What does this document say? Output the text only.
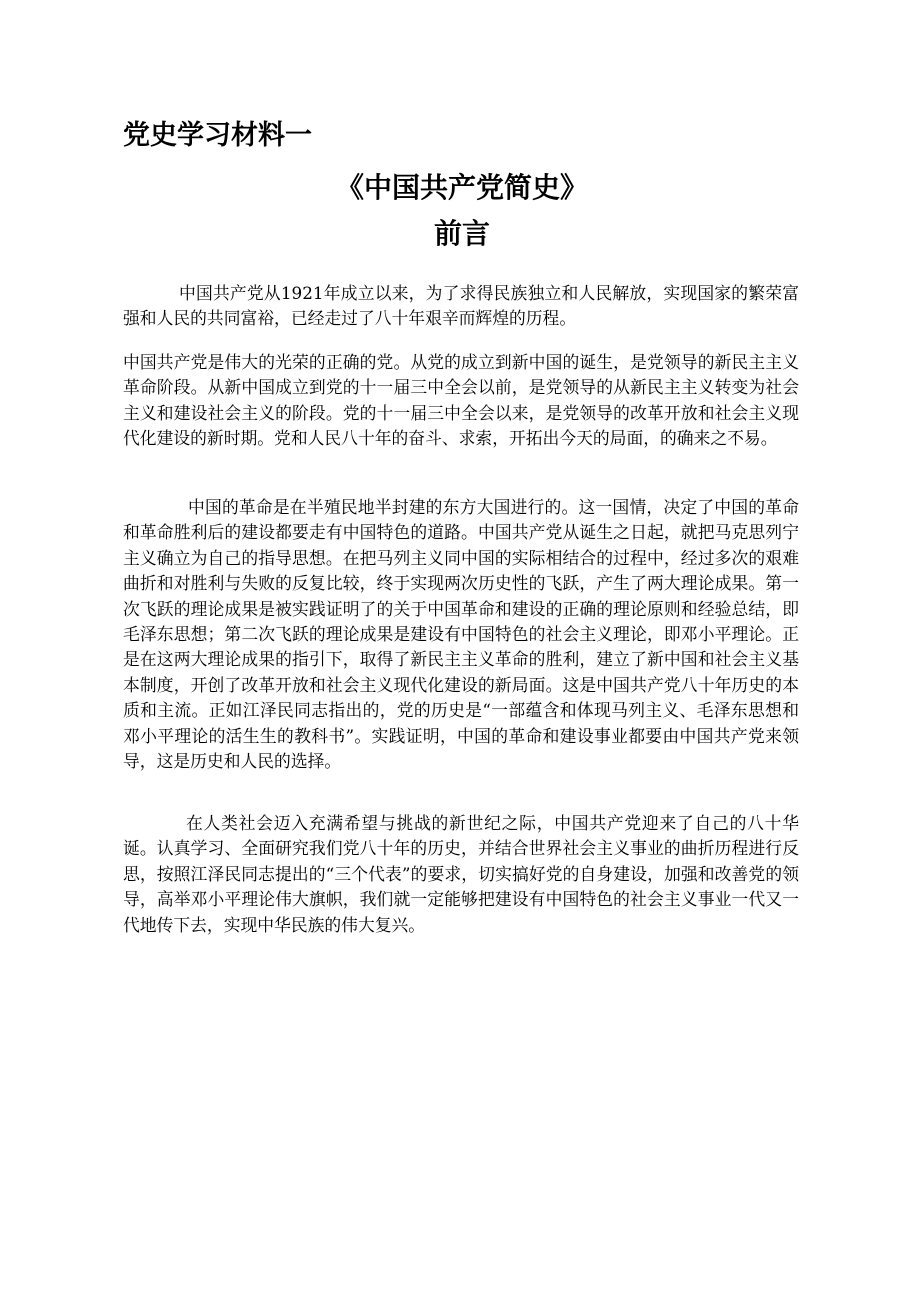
党史学习材料一
《中国共产党简史》
前言

中国共产党从1921年成立以来，为了求得民族独立和人民解放，实现国家的繁荣富强和人民的共同富裕，已经走过了八十年艰辛而辉煌的历程。

中国共产党是伟大的光荣的正确的党。从党的成立到新中国的诞生，是党领导的新民主主义革命阶段。从新中国成立到党的十一届三中全会以前，是党领导的从新民主主义转变为社会主义和建设社会主义的阶段。党的十一届三中全会以来，是党领导的改革开放和社会主义现代化建设的新时期。党和人民八十年的奋斗、求索，开拓出今天的局面，的确来之不易。

中国的革命是在半殖民地半封建的东方大国进行的。这一国情，决定了中国的革命和革命胜利后的建设都要走有中国特色的道路。中国共产党从诞生之日起，就把马克思列宁主义确立为自己的指导思想。在把马列主义同中国的实际相结合的过程中，经过多次的艰难曲折和对胜利与失败的反复比较，终于实现两次历史性的飞跃，产生了两大理论成果。第一次飞跃的理论成果是被实践证明了的关于中国革命和建设的正确的理论原则和经验总结，即毛泽东思想；第二次飞跃的理论成果是建设有中国特色的社会主义理论，即邓小平理论。正是在这两大理论成果的指引下，取得了新民主主义革命的胜利，建立了新中国和社会主义基本制度，开创了改革开放和社会主义现代化建设的新局面。这是中国共产党八十年历史的本质和主流。正如江泽民同志指出的，党的历史是“一部蕴含和体现马列主义、毛泽东思想和邓小平理论的活生生的教科书”。实践证明，中国的革命和建设事业都要由中国共产党来领导，这是历史和人民的选择。

在人类社会迈入充满希望与挑战的新世纪之际，中国共产党迎来了自己的八十华诞。认真学习、全面研究我们党八十年的历史，并结合世界社会主义事业的曲折历程进行反思，按照江泽民同志提出的“三个代表”的要求，切实搞好党的自身建设，加强和改善党的领导，高举邓小平理论伟大旗帜，我们就一定能够把建设有中国特色的社会主义事业一代又一代地传下去，实现中华民族的伟大复兴。
